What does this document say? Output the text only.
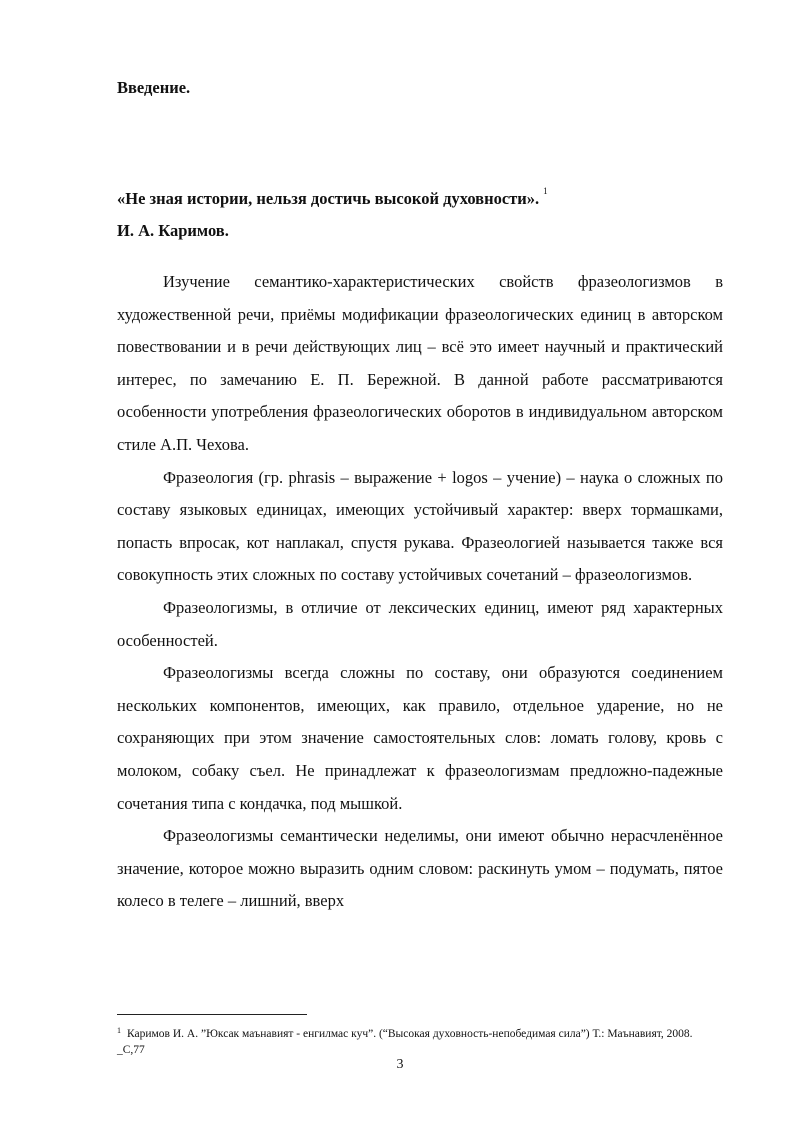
Введение.
«Не зная истории, нельзя достичь высокой духовности». $^1$
И. А. Каримов.

Изучение семантико-характеристических свойств фразеологизмов в художественной речи, приёмы модификации фразеологических единиц в авторском повествовании и в речи действующих лиц – всё это имеет научный и практический интерес, по замечанию Е. П. Бережной. В данной работе рассматриваются особенности употребления фразеологических оборотов в индивидуальном авторском стиле А.П. Чехова.

Фразеология (гр. phrasis – выражение + logos – учение) – наука о сложных по составу языковых единицах, имеющих устойчивый характер: вверх тормашками, попасть впросак, кот наплакал, спустя рукава. Фразеологией называется также вся совокупность этих сложных по составу устойчивых сочетаний – фразеологизмов.

Фразеологизмы, в отличие от лексических единиц, имеют ряд характерных особенностей.

Фразеологизмы всегда сложны по составу, они образуются соединением нескольких компонентов, имеющих, как правило, отдельное ударение, но не сохраняющих при этом значение самостоятельных слов: ломать голову, кровь с молоком, собаку съел. Не принадлежат к фразеологизмам предложно-падежные сочетания типа с кондачка, под мышкой.

Фразеологизмы семантически неделимы, они имеют обычно нерасчленённое значение, которое можно выразить одним словом: раскинуть умом – подумать, пятое колесо в телеге – лишний, вверх

$^1$ Каримов И. А. ”Юксак маънавият - енгилмас куч”. (“Высокая духовность-непобедимая сила”) Т.: Маънавият, 2008. _С,77
3
